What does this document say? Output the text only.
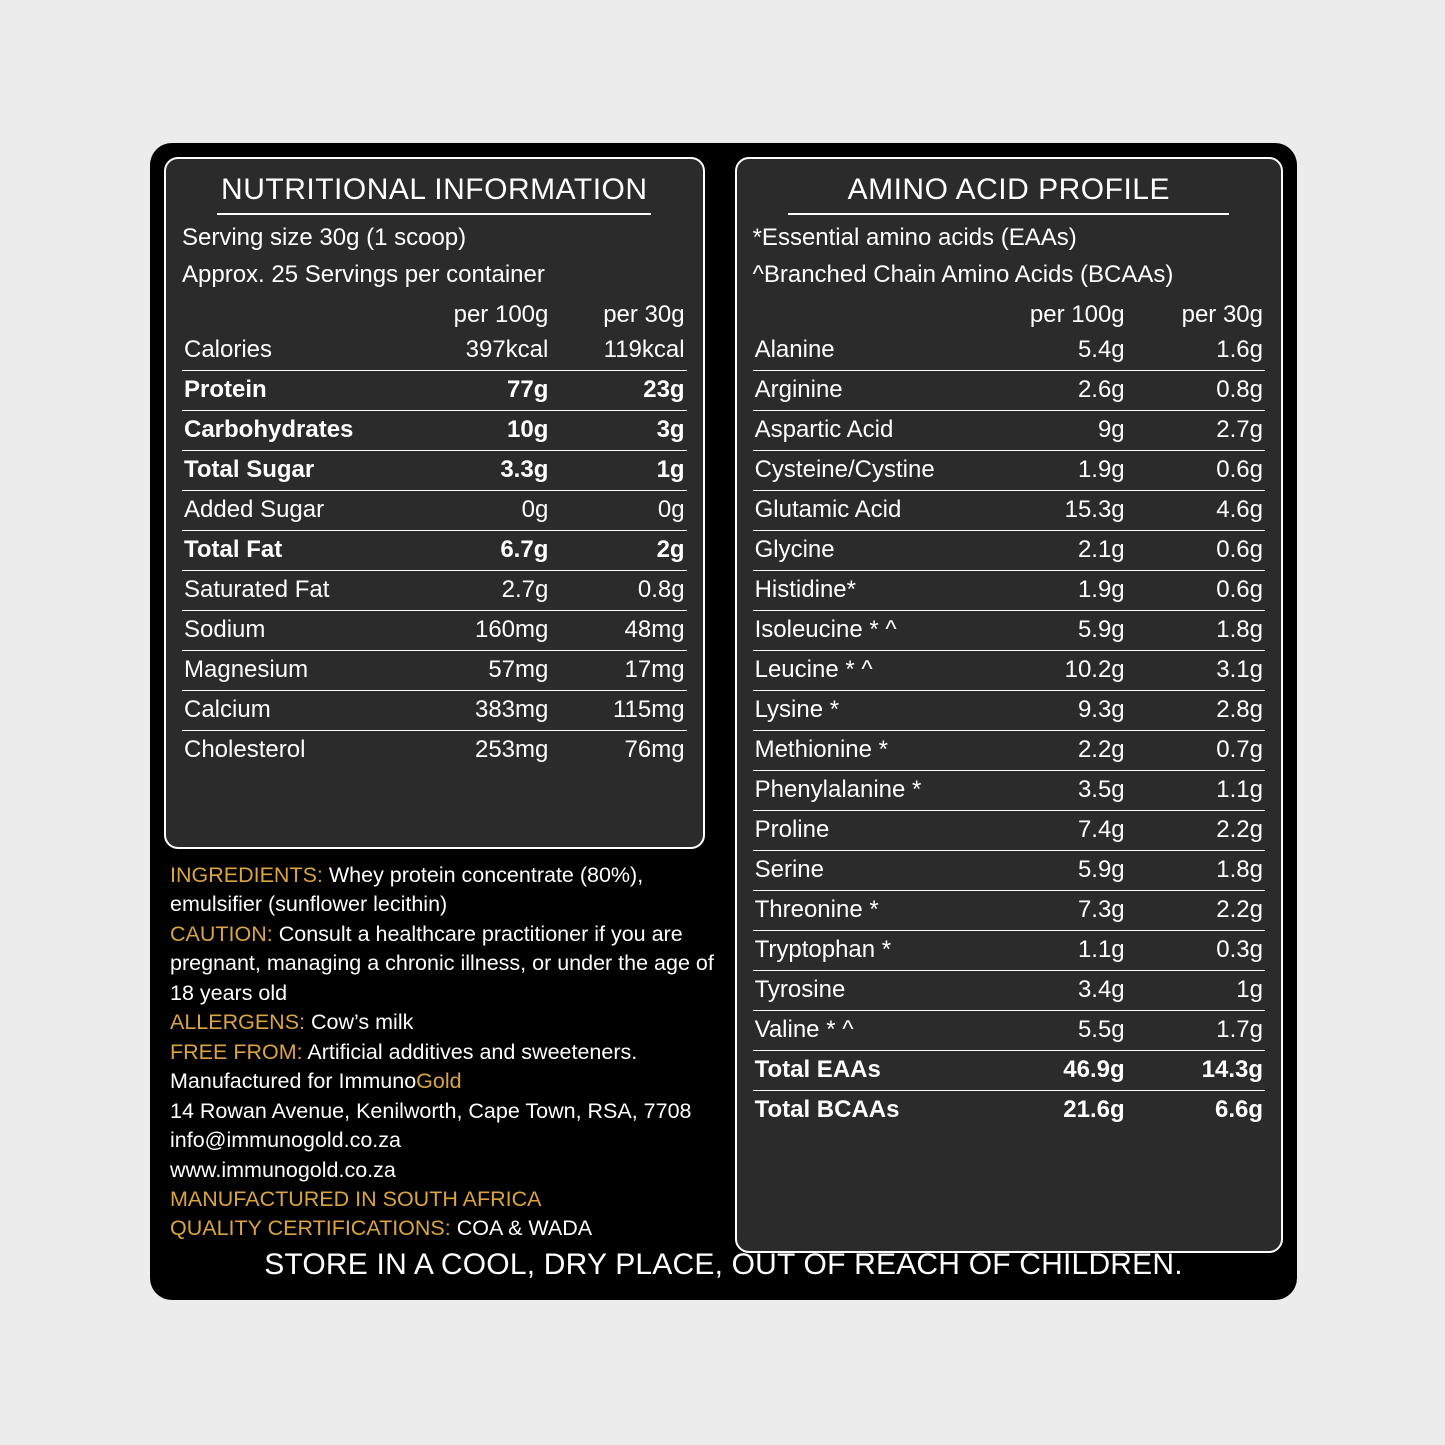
NUTRITIONAL INFORMATION
Serving size 30g (1 scoop)
Approx. 25 Servings per container
	per 100g	per 30g
Calories	397kcal	119kcal
Protein	77g	23g
Carbohydrates	10g	3g
Total Sugar	3.3g	1g
Added Sugar	0g	0g
Total Fat	6.7g	2g
Saturated Fat	2.7g	0.8g
Sodium	160mg	48mg
Magnesium	57mg	17mg
Calcium	383mg	115mg
Cholesterol	253mg	76mg
AMINO ACID PROFILE
*Essential amino acids (EAAs)
^Branched Chain Amino Acids (BCAAs)
	per 100g	per 30g
Alanine	5.4g	1.6g
Arginine	2.6g	0.8g
Aspartic Acid	9g	2.7g
Cysteine/Cystine	1.9g	0.6g
Glutamic Acid	15.3g	4.6g
Glycine	2.1g	0.6g
Histidine*	1.9g	0.6g
Isoleucine * ^	5.9g	1.8g
Leucine * ^	10.2g	3.1g
Lysine *	9.3g	2.8g
Methionine *	2.2g	0.7g
Phenylalanine *	3.5g	1.1g
Proline	7.4g	2.2g
Serine	5.9g	1.8g
Threonine *	7.3g	2.2g
Tryptophan *	1.1g	0.3g
Tyrosine	3.4g	1g
Valine * ^	5.5g	1.7g
Total EAAs	46.9g	14.3g
Total BCAAs	21.6g	6.6g

INGREDIENTS: Whey protein concentrate (80%), emulsifier (sunflower lecithin)

CAUTION: Consult a healthcare practitioner if you are pregnant, managing a chronic illness, or under the age of 18 years old

ALLERGENS: Cow’s milk

FREE FROM: Artificial additives and sweeteners.

Manufactured for ImmunoGold

14 Rowan Avenue, Kenilworth, Cape Town, RSA, 7708

info@immunogold.co.za

www.immunogold.co.za

MANUFACTURED IN SOUTH AFRICA

QUALITY CERTIFICATIONS: COA & WADA

STORE IN A COOL, DRY PLACE, OUT OF REACH OF CHILDREN.
